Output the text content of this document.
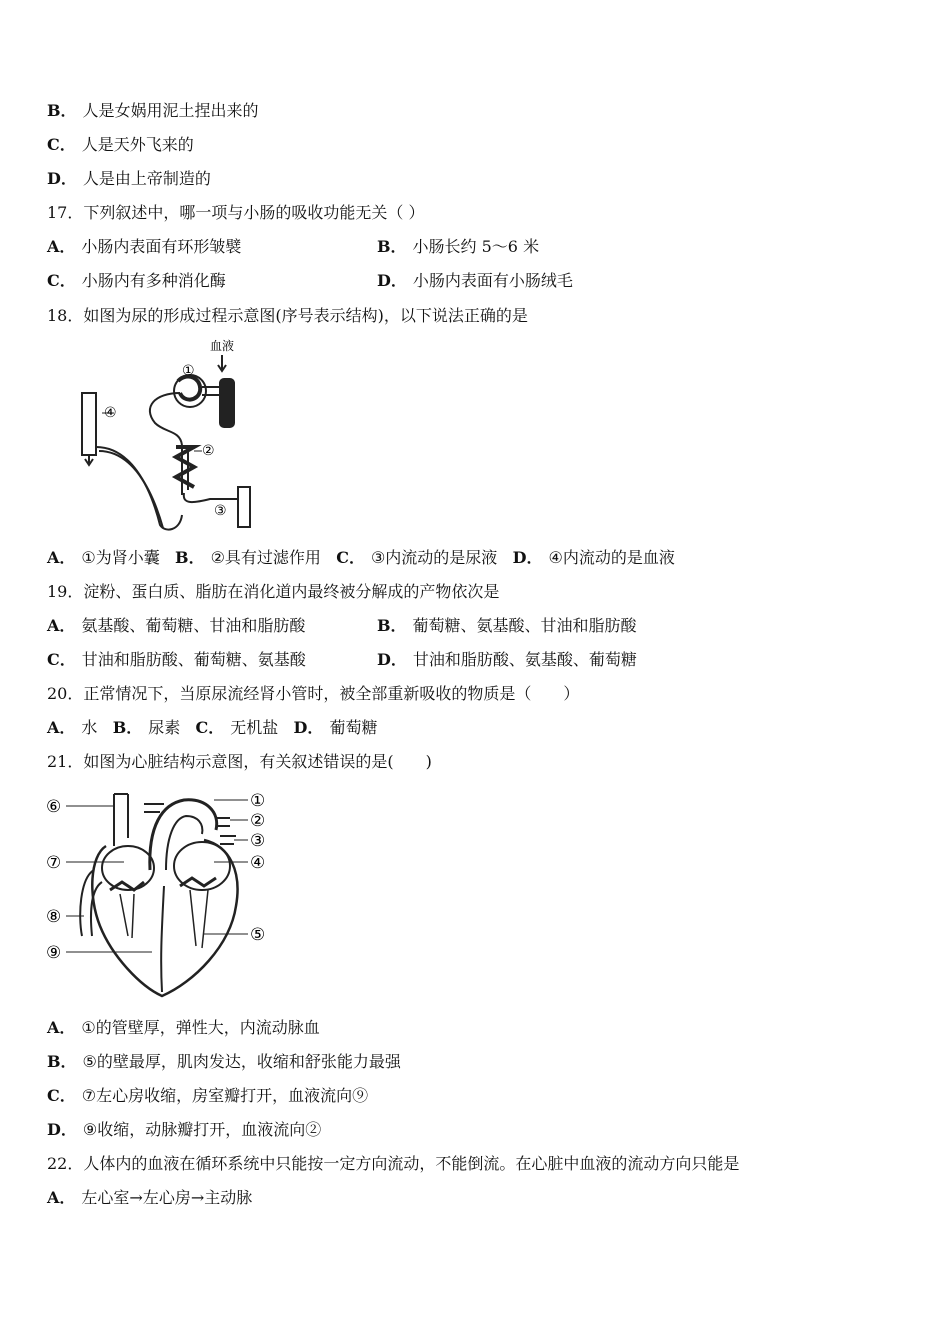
B． 人是女娲用泥土捏出来的
C． 人是天外飞来的
D． 人是由上帝制造的
17．下列叙述中，哪一项与小肠的吸收功能无关（ ）
A． 小肠内表面有环形皱襞	B． 小肠长约 5～6 米
C． 小肠内有多种消化酶	D． 小肠内表面有小肠绒毛
18．如图为尿的形成过程示意图(序号表示结构)，以下说法正确的是
血液
①
②
③
④
A． ①为肾小囊 B． ②具有过滤作用 C． ③内流动的是尿液 D． ④内流动的是血液
19．淀粉、蛋白质、脂肪在消化道内最终被分解成的产物依次是
A． 氨基酸、葡萄糖、甘油和脂肪酸	B． 葡萄糖、氨基酸、甘油和脂肪酸
C． 甘油和脂肪酸、葡萄糖、氨基酸	D． 甘油和脂肪酸、氨基酸、葡萄糖
20．正常情况下，当原尿流经肾小管时，被全部重新吸收的物质是（　　）
A． 水 B． 尿素 C． 无机盐 D． 葡萄糖
21．如图为心脏结构示意图，有关叙述错误的是(　　)
①
②
③
④
⑤
⑥
⑦
⑧
⑨
A． ①的管壁厚，弹性大，内流动脉血
B． ⑤的壁最厚，肌肉发达，收缩和舒张能力最强
C． ⑦左心房收缩，房室瓣打开，血液流向⑨
D． ⑨收缩，动脉瓣打开，血液流向②
22．人体内的血液在循环系统中只能按一定方向流动，不能倒流。在心脏中血液的流动方向只能是
A． 左心室→左心房→主动脉
